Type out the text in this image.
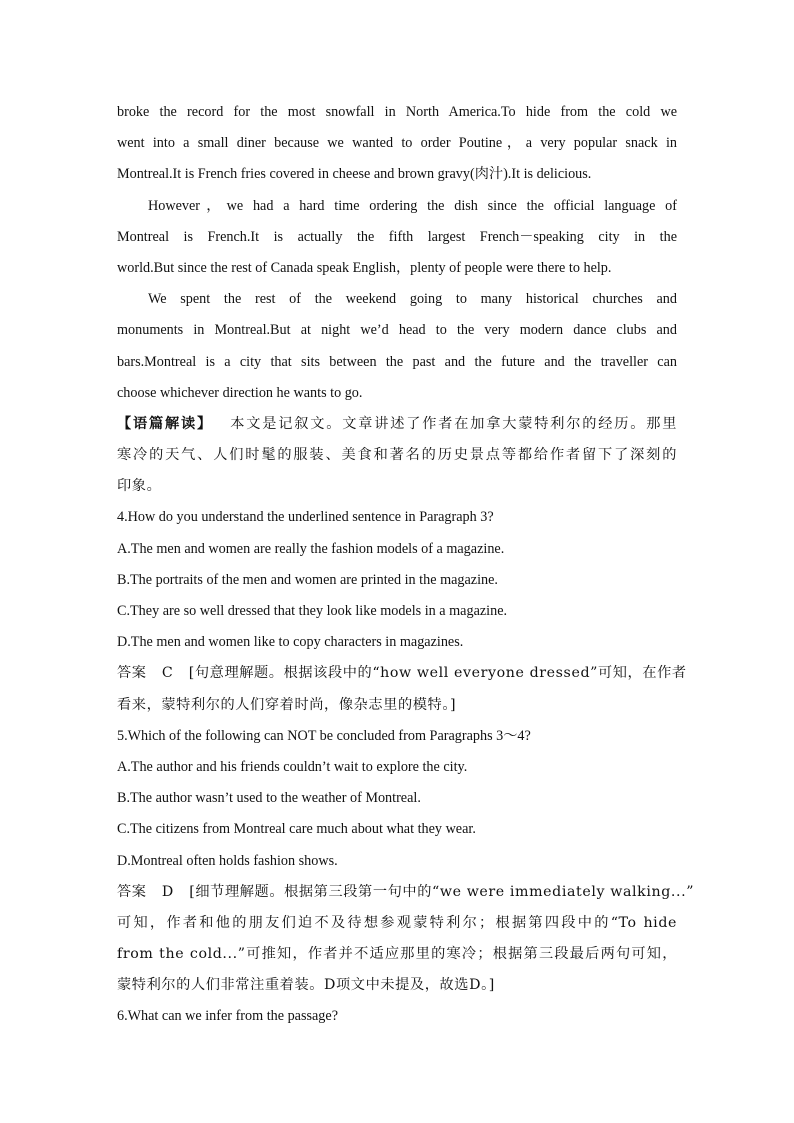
broke the record for the most snowfall in North America.To hide from the cold we
went into a small diner because we wanted to order Poutine，a very popular snack in
Montreal.It is French fries covered in cheese and brown gravy(肉汁).It is delicious.
However，we had a hard time ordering the dish since the official language of
Montreal is French.It is actually the fifth largest French－speaking city in the
world.But since the rest of Canada speak English，plenty of people were there to help.
We spent the rest of the weekend going to many historical churches and
monuments in Montreal.But at night we’d head to the very modern dance clubs and
bars.Montreal is a city that sits between the past and the future and the traveller can
choose whichever direction he wants to go.
【语篇解读】 本文是记叙文。文章讲述了作者在加拿大蒙特利尔的经历。那里
寒冷的天气、人们时髦的服装、美食和著名的历史景点等都给作者留下了深刻的
印象。
4.How do you understand the underlined sentence in Paragraph 3?
A.The men and women are really the fashion models of a magazine.
B.The portraits of the men and women are printed in the magazine.
C.They are so well dressed that they look like models in a magazine.
D.The men and women like to copy characters in magazines.
答案 C [句意理解题。根据该段中的“how well everyone dressed”可知，在作者
看来，蒙特利尔的人们穿着时尚，像杂志里的模特。]
5.Which of the following can NOT be concluded from Paragraphs 3～4?
A.The author and his friends couldn’t wait to explore the city.
B.The author wasn’t used to the weather of Montreal.
C.The citizens from Montreal care much about what they wear.
D.Montreal often holds fashion shows.
答案 D [细节理解题。根据第三段第一句中的“we were immediately walking...”
可知，作者和他的朋友们迫不及待想参观蒙特利尔；根据第四段中的“To hide
from the cold...”可推知，作者并不适应那里的寒冷；根据第三段最后两句可知，
蒙特利尔的人们非常注重着装。D项文中未提及，故选D。]
6.What can we infer from the passage?
